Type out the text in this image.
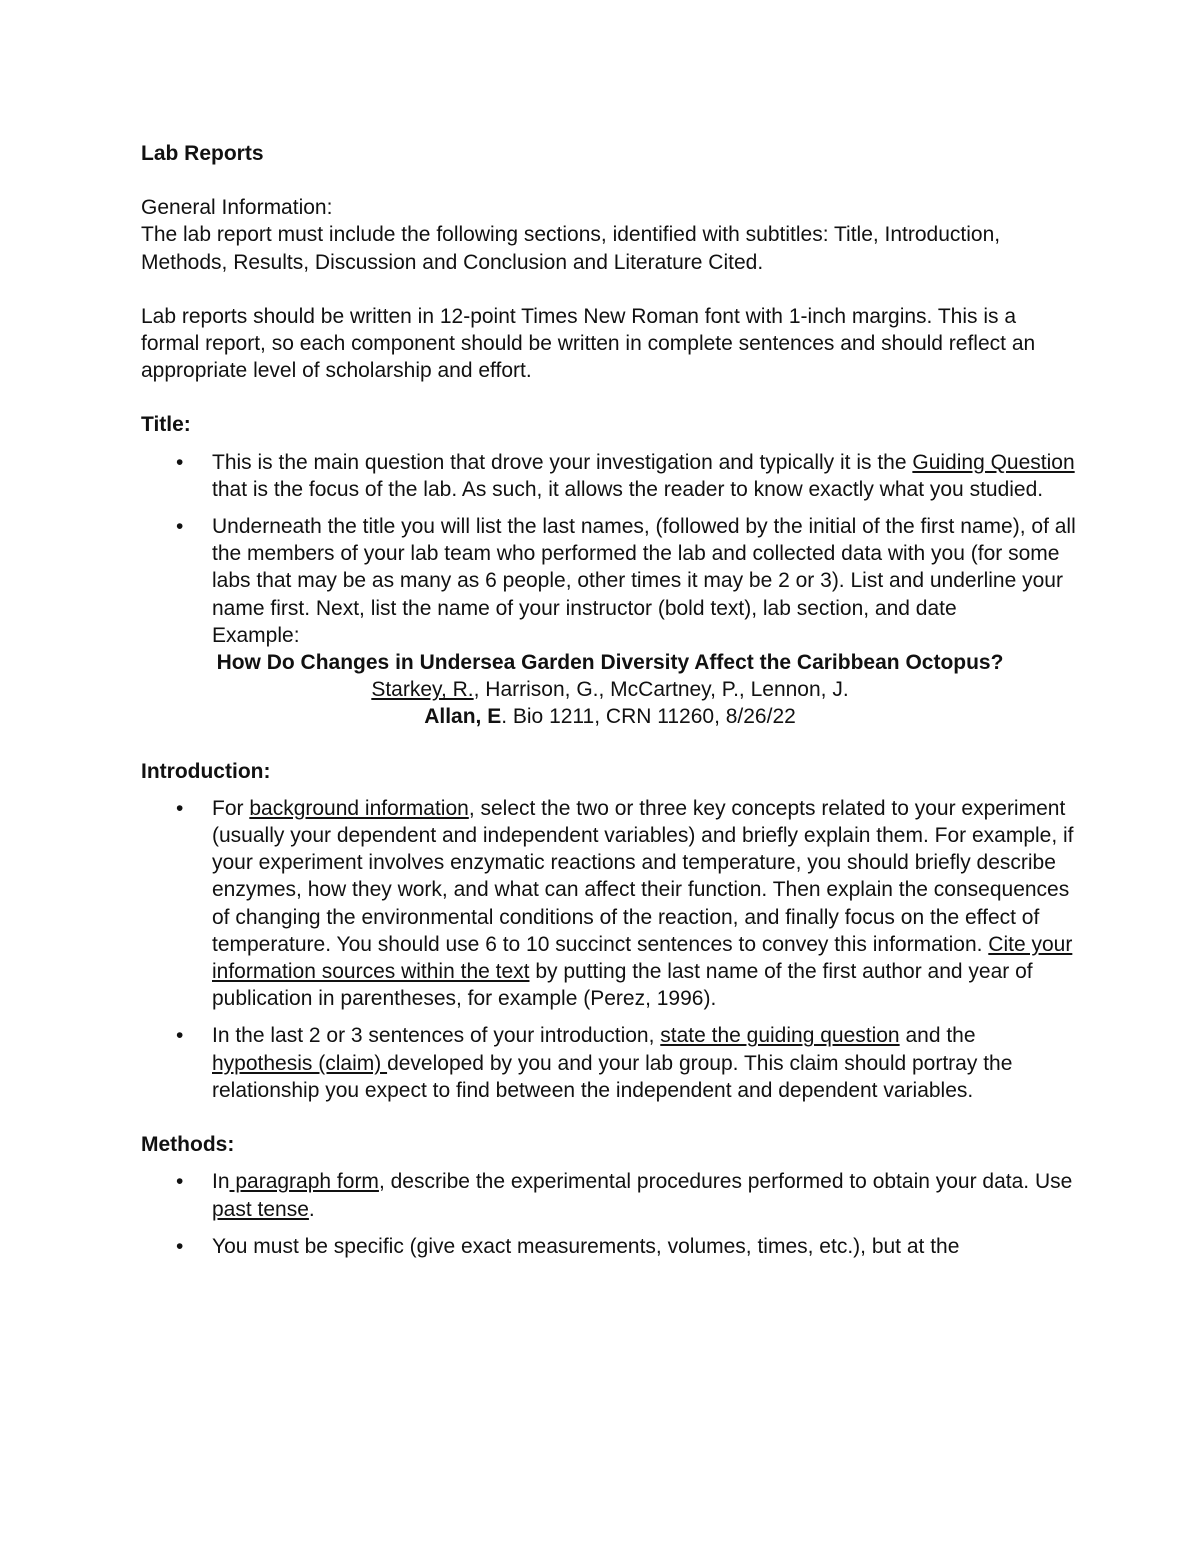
Lab Reports

General Information:

The lab report must include the following sections, identified with subtitles: Title, Introduction, Methods, Results, Discussion and Conclusion and Literature Cited.

Lab reports should be written in 12-point Times New Roman font with 1-inch margins. This is a formal report, so each component should be written in complete sentences and should reflect an appropriate level of scholarship and effort.

Title:

• This is the main question that drove your investigation and typically it is the Guiding Question that is the focus of the lab. As such, it allows the reader to know exactly what you studied.
• Underneath the title you will list the last names, (followed by the initial of the first name), of all the members of your lab team who performed the lab and collected data with you (for some labs that may be as many as 6 people, other times it may be 2 or 3). List and underline your name first. Next, list the name of your instructor (bold text), lab section, and date
Example:
How Do Changes in Undersea Garden Diversity Affect the Caribbean Octopus?
Starkey, R., Harrison, G., McCartney, P., Lennon, J.
Allan, E. Bio 1211, CRN 11260, 8/26/22

Introduction:

• For background information, select the two or three key concepts related to your experiment (usually your dependent and independent variables) and briefly explain them. For example, if your experiment involves enzymatic reactions and temperature, you should briefly describe enzymes, how they work, and what can affect their function. Then explain the consequences of changing the environmental conditions of the reaction, and finally focus on the effect of temperature. You should use 6 to 10 succinct sentences to convey this information. Cite your information sources within the text by putting the last name of the first author and year of publication in parentheses, for example (Perez, 1996).
• In the last 2 or 3 sentences of your introduction, state the guiding question and the hypothesis (claim) developed by you and your lab group. This claim should portray the relationship you expect to find between the independent and dependent variables.

Methods:

• In paragraph form, describe the experimental procedures performed to obtain your data. Use past tense.
• You must be specific (give exact measurements, volumes, times, etc.), but at the
